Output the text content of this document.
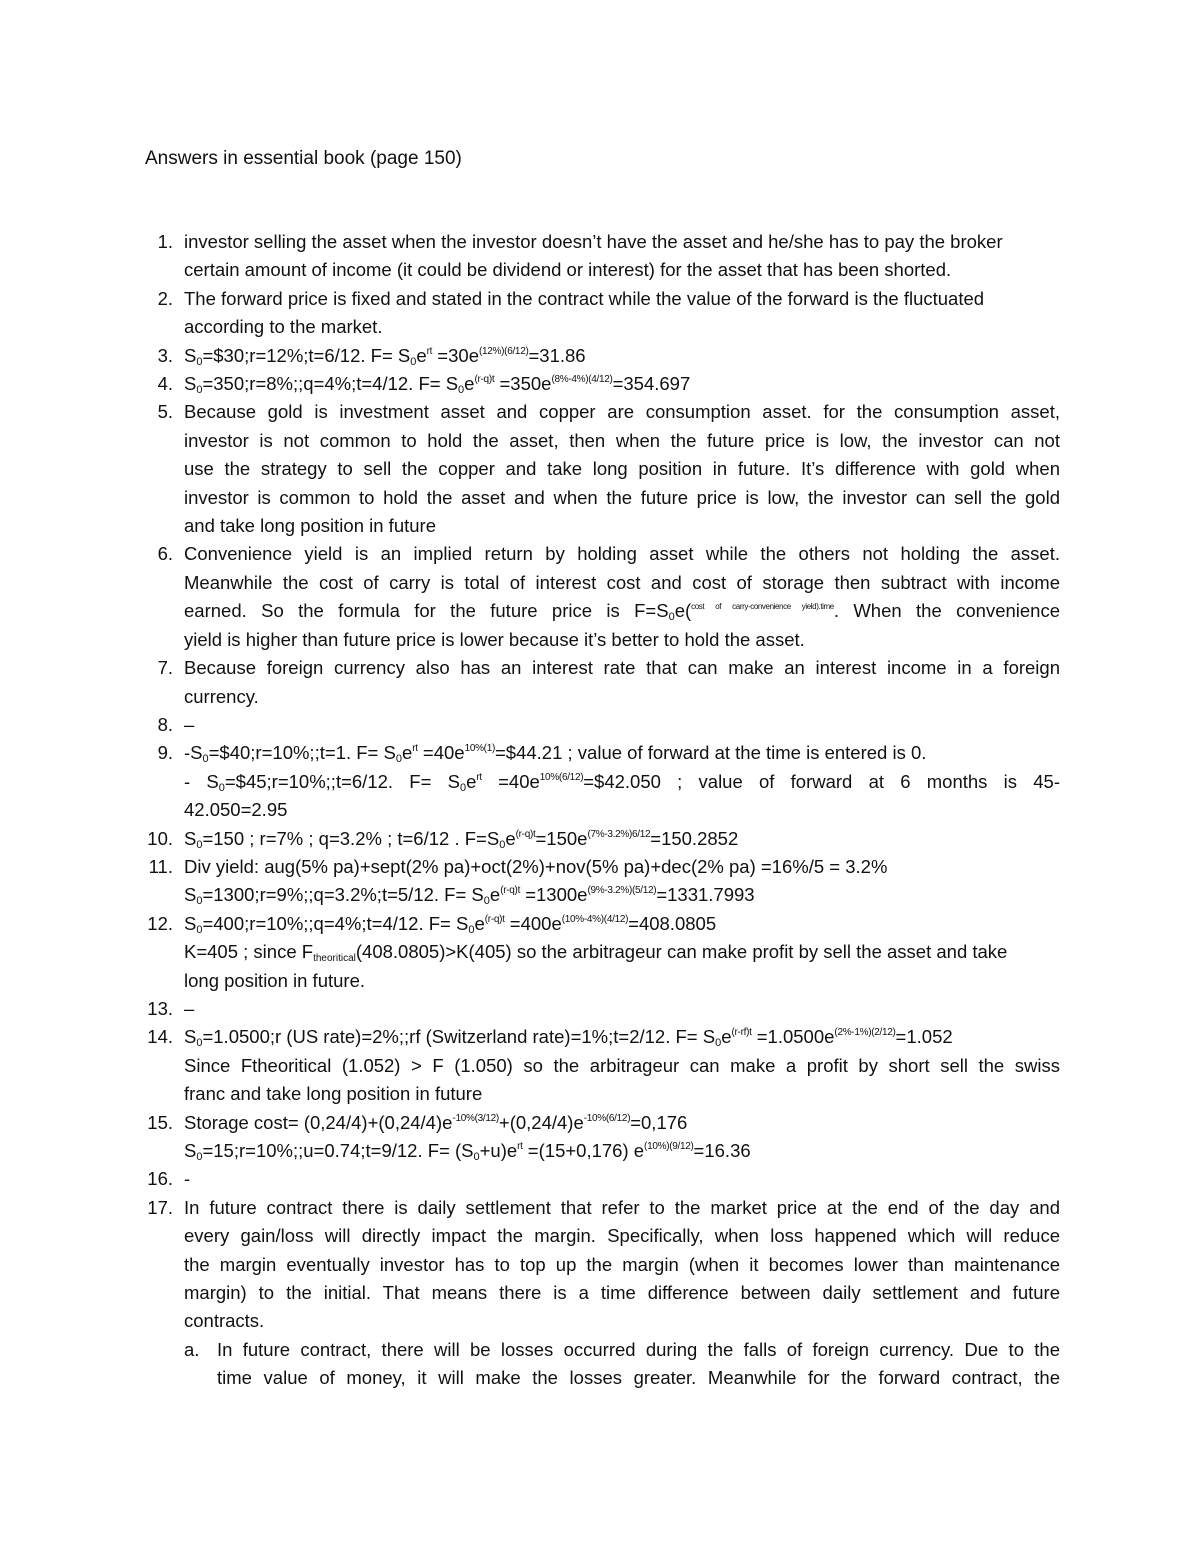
Answers in essential book (page 150)
1. investor selling the asset when the investor doesn’t have the asset and he/she has to pay the broker
certain amount of income (it could be dividend or interest) for the asset that has been shorted.
2. The forward price is fixed and stated in the contract while the value of the forward is the fluctuated
according to the market.
3. $S_0=\$30;r=12\%;t=6/12$. $F= S_0e^{rt} =30e^{(12\%)(6/12)}=31.86$
4. $S_0=350;r=8\%;;q=4\%;t=4/12$. $F= S_0e^{(r-q)t} =350e^{(8\%-4\%)(4/12)}=354.697$
5. Because gold is investment asset and copper are consumption asset. for the consumption asset,
investor is not common to hold the asset, then when the future price is low, the investor can not
use the strategy to sell the copper and take long position in future. It’s difference with gold when
investor is common to hold the asset and when the future price is low, the investor can sell the gold
and take long position in future
6. Convenience yield is an implied return by holding asset while the others not holding the asset.
Meanwhile the cost of carry is total of interest cost and cost of storage then subtract with income
earned. So the formula for the future price is $F=S_0e(^{cost of carry-convenience yield).time}$. When the convenience
yield is higher than future price is lower because it’s better to hold the asset.
7. Because foreign currency also has an interest rate that can make an interest income in a foreign
currency.
8. –
9. $-S_0=\$40;r=10\%;;t=1$. $F= S_0e^{rt}$ $=40e^{10\%(1)}=\$44.21$ ; value of forward at the time is entered is 0.
- $S_0=\$45;r=10\%;;t=6/12$. $F= S_0e^{rt}$ $=40e^{10\%(6/12)}=\$42.050$ ; value of forward at 6 months is 45-
42.050=2.95
10. $S_0=150$ ; r=7% ; q=3.2% ; t=6/12 . $F=S_0e^{(r-q)t}=150e^{(7\%-3.2\%)6/12}=150.2852$
11. Div yield: aug(5% pa)+sept(2% pa)+oct(2%)+nov(5% pa)+dec(2% pa) =16%/5 = 3.2%
$S_0=1300;r=9\%;;q=3.2\%;t=5/12$. $F= S_0e^{(r-q)t} =1300e^{(9\%-3.2\%)(5/12)}=1331.7993$
12. $S_0=400;r=10\%;;q=4\%;t=4/12$. $F= S_0e^{(r-q)t} =400e^{(10\%-4\%)(4/12)}=408.0805$
K=405 ; since $F_{theoritical}(408.0805)>K(405)$ so the arbitrageur can make profit by sell the asset and take
long position in future.
13. –
14. $S_0=1.0500;r$ (US rate)=2%;;rf (Switzerland rate)=1%;t=2/12. $F= S_0e^{(r-rf)t} =1.0500e^{(2\%-1\%)(2/12)}=1.052$
Since Ftheoritical (1.052) > F (1.050) so the arbitrageur can make a profit by short sell the swiss
franc and take long position in future
15. Storage $\cos t= (0,24/4)+(0,24/4)e^{-10\%(3/12)}+(0,24/4)e^{-10\%(6/12)}=0,176$
$S_0=15;r=10\%;;u=0.74;t=9/12$. $F= (S_0+u)e^{rt} =(15+0,176)$ $e^{(10\%)(9/12)}=16.36$
16. -
17. In future contract there is daily settlement that refer to the market price at the end of the day and
every gain/loss will directly impact the margin. Specifically, when loss happened which will reduce
the margin eventually investor has to top up the margin (when it becomes lower than maintenance
margin) to the initial. That means there is a time difference between daily settlement and future
contracts.
a. In future contract, there will be losses occurred during the falls of foreign currency. Due to the
time value of money, it will make the losses greater. Meanwhile for the forward contract, the
